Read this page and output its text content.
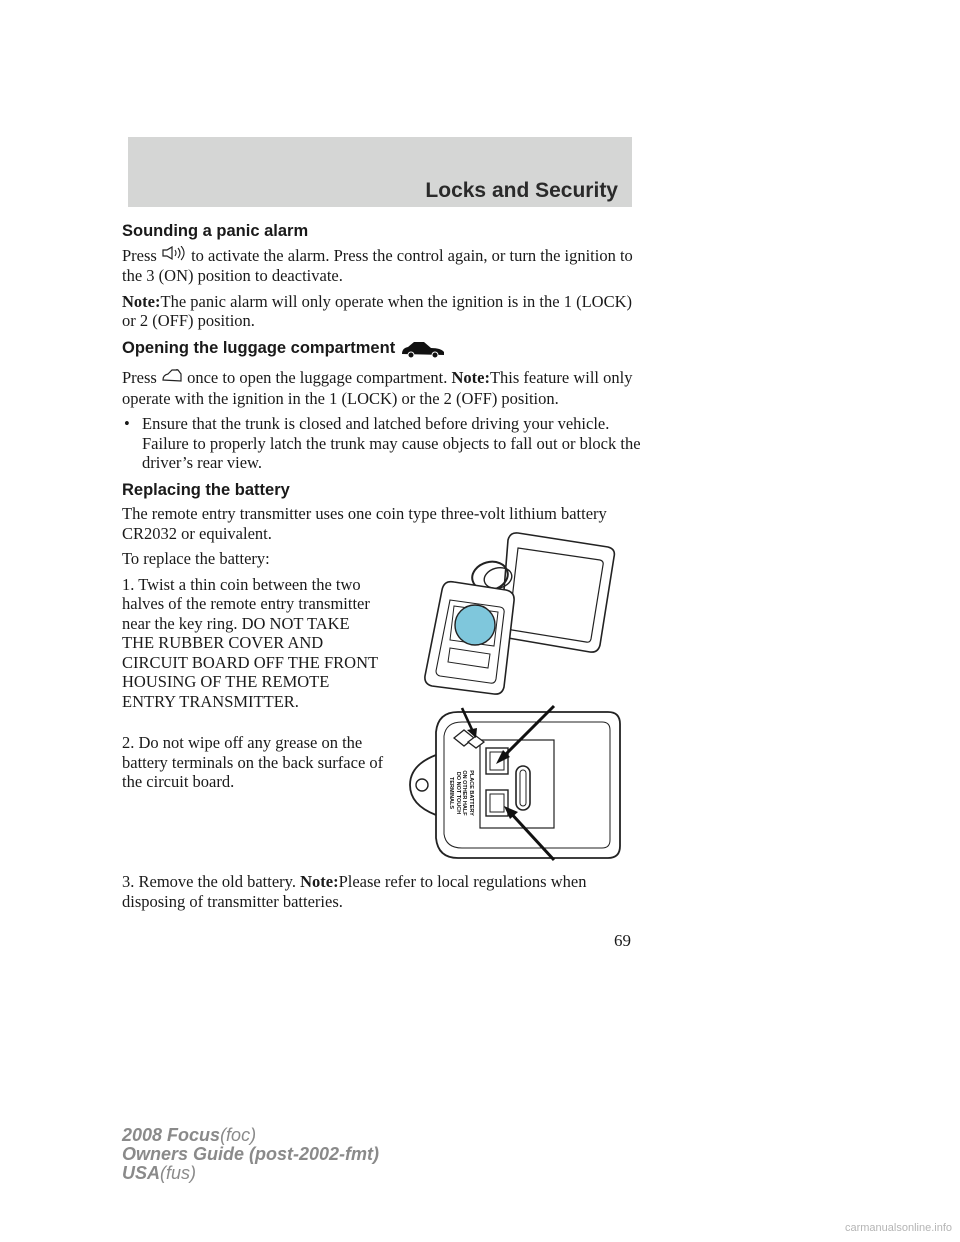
Locks and Security
Sounding a panic alarm

Press to activate the alarm. Press the control again, or turn the ignition to the 3 (ON) position to deactivate.

Note:The panic alarm will only operate when the ignition is in the 1 (LOCK) or 2 (OFF) position.

Opening the luggage compartment

Press once to open the luggage compartment. Note:This feature will only operate with the ignition in the 1 (LOCK) or the 2 (OFF) position.

• Ensure that the trunk is closed and latched before driving your vehicle. Failure to properly latch the trunk may cause objects to fall out or block the driver’s rear view.
Replacing the battery

The remote entry transmitter uses one coin type three-volt lithium battery CR2032 or equivalent.

To replace the battery:

1. Twist a thin coin between the two halves of the remote entry transmitter near the key ring. DO NOT TAKE THE RUBBER COVER AND CIRCUIT BOARD OFF THE FRONT HOUSING OF THE REMOTE ENTRY TRANSMITTER.

2. Do not wipe off any grease on the battery terminals on the back surface of the circuit board.	PLACE BATTERY
ON OTHER HALF
DO NOT TOUCH
TERMINALS
3. Remove the old battery. Note:Please refer to local regulations when disposing of transmitter batteries.
69
2008 Focus(foc)
Owners Guide (post-2002-fmt)
USA(fus)
carmanualsonline.info
